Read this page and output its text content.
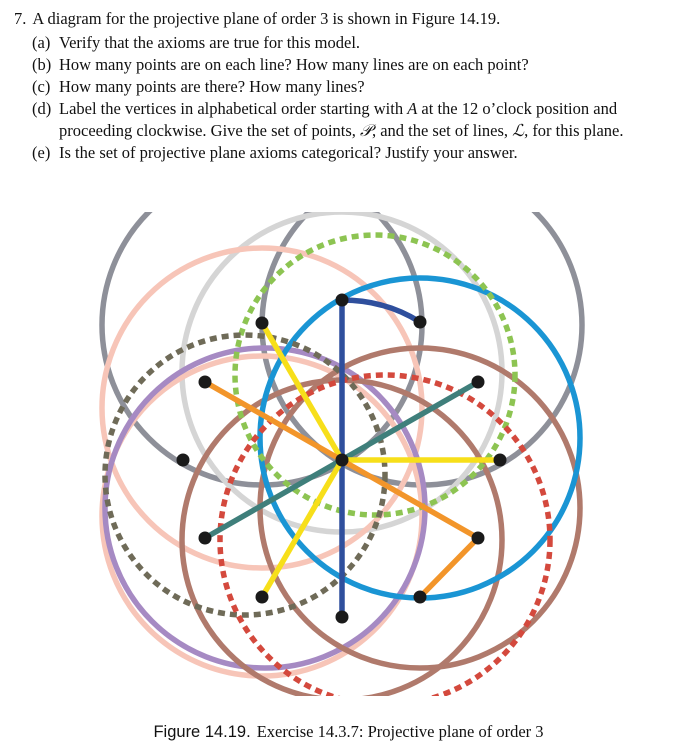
7. A diagram for the projective plane of order 3 is shown in Figure 14.19.

(a) Verify that the axioms are true for this model.
(b) How many points are on each line? How many lines are on each point?
(c) How many points are there? How many lines?
(d) Label the vertices in alphabetical order starting with A at the 12 o’clock position and proceeding clockwise. Give the set of points, 𝒫, and the set of lines, ℒ, for this plane.
(e) Is the set of projective plane axioms categorical? Justify your answer.
Figure 14.19. Exercise 14.3.7: Projective plane of order 3
